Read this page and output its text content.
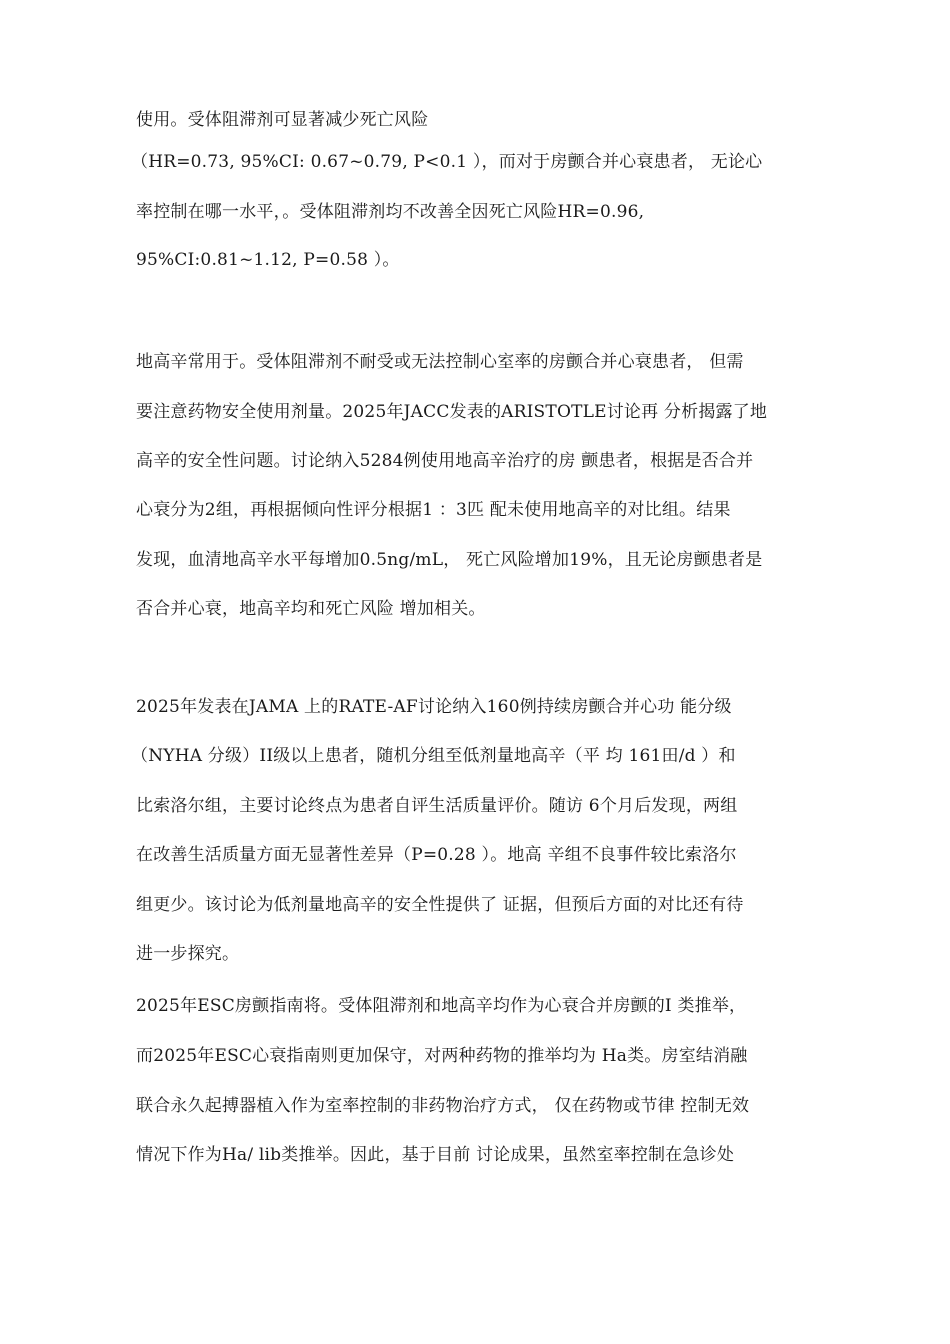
使用。受体阻滞剂可显著减少死亡风险
（HR=0.73, 95%CI: 0.67~0.79, P<0.1 ），而对于房颤合并心衰患者， 无论心
率控制在哪一水平，。受体阻滞剂均不改善全因死亡风险HR=0.96,
95%CI:0.81~1.12, P=0.58 ）。
地高辛常用于。受体阻滞剂不耐受或无法控制心室率的房颤合并心衰患者， 但需
要注意药物安全使用剂量。2025年JACC发表的ARISTOTLE讨论再 分析揭露了地
高辛的安全性问题。讨论纳入5284例使用地高辛治疗的房 颤患者，根据是否合并
心衰分为2组，再根据倾向性评分根据1 ：3匹 配未使用地高辛的对比组。结果
发现，血清地高辛水平每增加0.5ng/mL， 死亡风险增加19%，且无论房颤患者是
否合并心衰，地高辛均和死亡风险 增加相关。
2025年发表在JAMA 上的RATE-AF讨论纳入160例持续房颤合并心功 能分级
（NYHA 分级）II级以上患者，随机分组至低剂量地高辛（平 均 161田/d ）和
比索洛尔组，主要讨论终点为患者自评生活质量评价。随访 6个月后发现，两组
在改善生活质量方面无显著性差异（P=0.28 ）。地高 辛组不良事件较比索洛尔
组更少。该讨论为低剂量地高辛的安全性提供了 证据，但预后方面的对比还有待
进一步探究。
2025年ESC房颤指南将。受体阻滞剂和地高辛均作为心衰合并房颤的I 类推举，
而2025年ESC心衰指南则更加保守，对两种药物的推举均为 Ha类。房室结消融
联合永久起搏器植入作为室率控制的非药物治疗方式， 仅在药物或节律 控制无效
情况下作为Ha/ lib类推举。因此，基于目前 讨论成果，虽然室率控制在急诊处
